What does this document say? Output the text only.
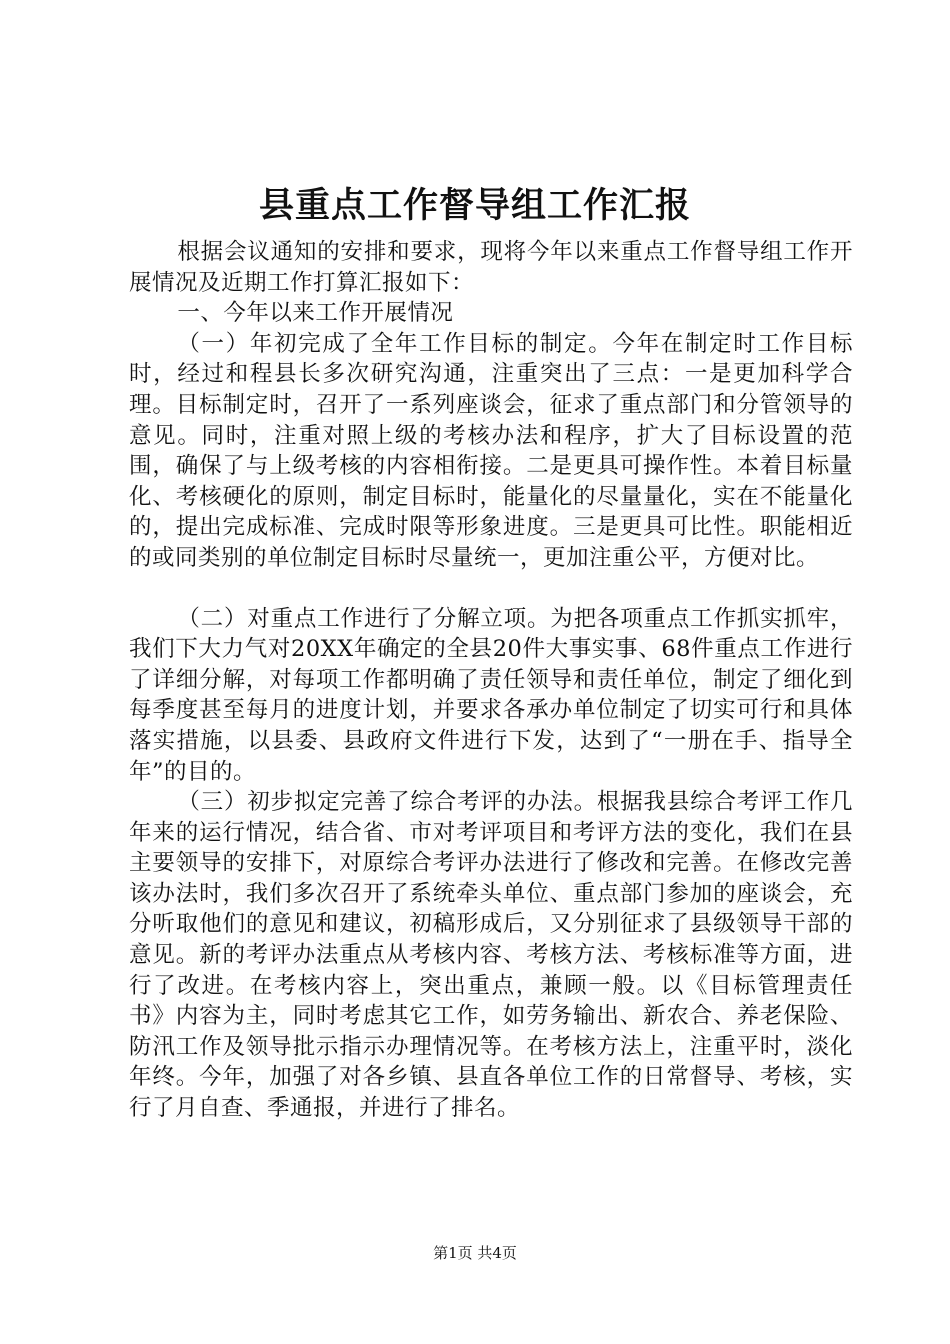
县重点工作督导组工作汇报

根据会议通知的安排和要求，现将今年以来重点工作督导组工作开展情况及近期工作打算汇报如下：

一、今年以来工作开展情况

（一）年初完成了全年工作目标的制定。今年在制定时工作目标时，经过和程县长多次研究沟通，注重突出了三点：一是更加科学合理。目标制定时，召开了一系列座谈会，征求了重点部门和分管领导的意见。同时，注重对照上级的考核办法和程序，扩大了目标设置的范围，确保了与上级考核的内容相衔接。二是更具可操作性。本着目标量化、考核硬化的原则，制定目标时，能量化的尽量量化，实在不能量化的，提出完成标准、完成时限等形象进度。三是更具可比性。职能相近的或同类别的单位制定目标时尽量统一，更加注重公平，方便对比。

（二）对重点工作进行了分解立项。为把各项重点工作抓实抓牢，我们下大力气对20XX年确定的全县20件大事实事、68件重点工作进行了详细分解，对每项工作都明确了责任领导和责任单位，制定了细化到每季度甚至每月的进度计划，并要求各承办单位制定了切实可行和具体落实措施，以县委、县政府文件进行下发，达到了“一册在手、指导全年”的目的。

（三）初步拟定完善了综合考评的办法。根据我县综合考评工作几年来的运行情况，结合省、市对考评项目和考评方法的变化，我们在县主要领导的安排下，对原综合考评办法进行了修改和完善。在修改完善该办法时，我们多次召开了系统牵头单位、重点部门参加的座谈会，充分听取他们的意见和建议，初稿形成后，又分别征求了县级领导干部的意见。新的考评办法重点从考核内容、考核方法、考核标准等方面，进行了改进。在考核内容上，突出重点，兼顾一般。以《目标管理责任书》内容为主，同时考虑其它工作，如劳务输出、新农合、养老保险、防汛工作及领导批示指示办理情况等。在考核方法上，注重平时，淡化年终。今年，加强了对各乡镇、县直各单位工作的日常督导、考核，实行了月自查、季通报，并进行了排名。

第1页 共4页
